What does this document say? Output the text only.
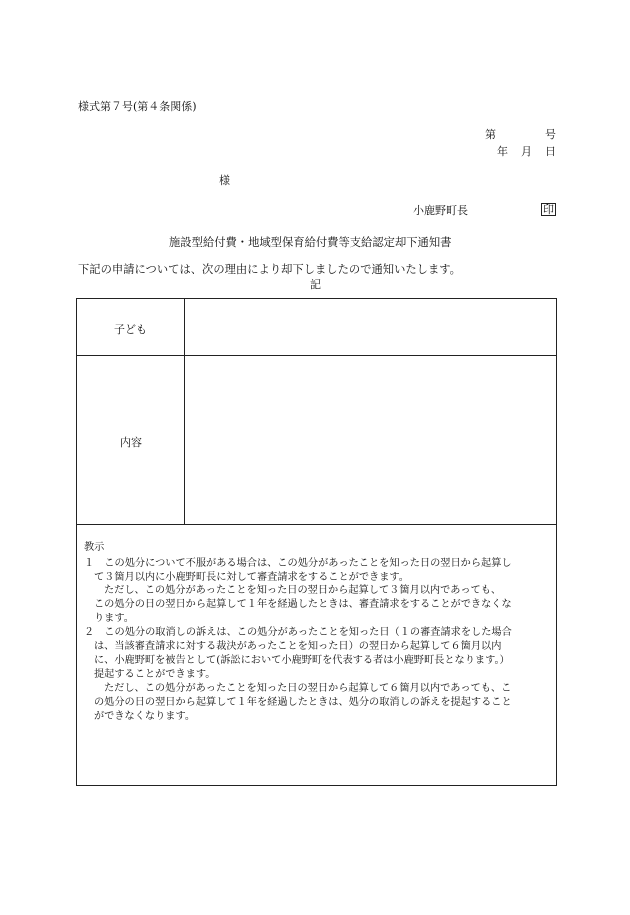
様式第７号(第４条関係)
第	号
年 月 日
様
小鹿野町長	印
施設型給付費・地域型保育給付費等支給認定却下通知書
下記の申請については、次の理由により却下しましたので通知いたします。
記
子ども
内容
教示
１　この処分について不服がある場合は、この処分があったことを知った日の翌日から起算し
て３箇月以内に小鹿野町長に対して審査請求をすることができます。
ただし、この処分があったことを知った日の翌日から起算して３箇月以内であっても、
この処分の日の翌日から起算して１年を経過したときは、審査請求をすることができなくな
ります。
２　この処分の取消しの訴えは、この処分があったことを知った日（１の審査請求をした場合
は、当該審査請求に対する裁決があったことを知った日）の翌日から起算して６箇月以内
に、小鹿野町を被告として(訴訟において小鹿野町を代表する者は小鹿野町長となります。）
提起することができます。
ただし、この処分があったことを知った日の翌日から起算して６箇月以内であっても、こ
の処分の日の翌日から起算して１年を経過したときは、処分の取消しの訴えを提起すること
ができなくなります。
